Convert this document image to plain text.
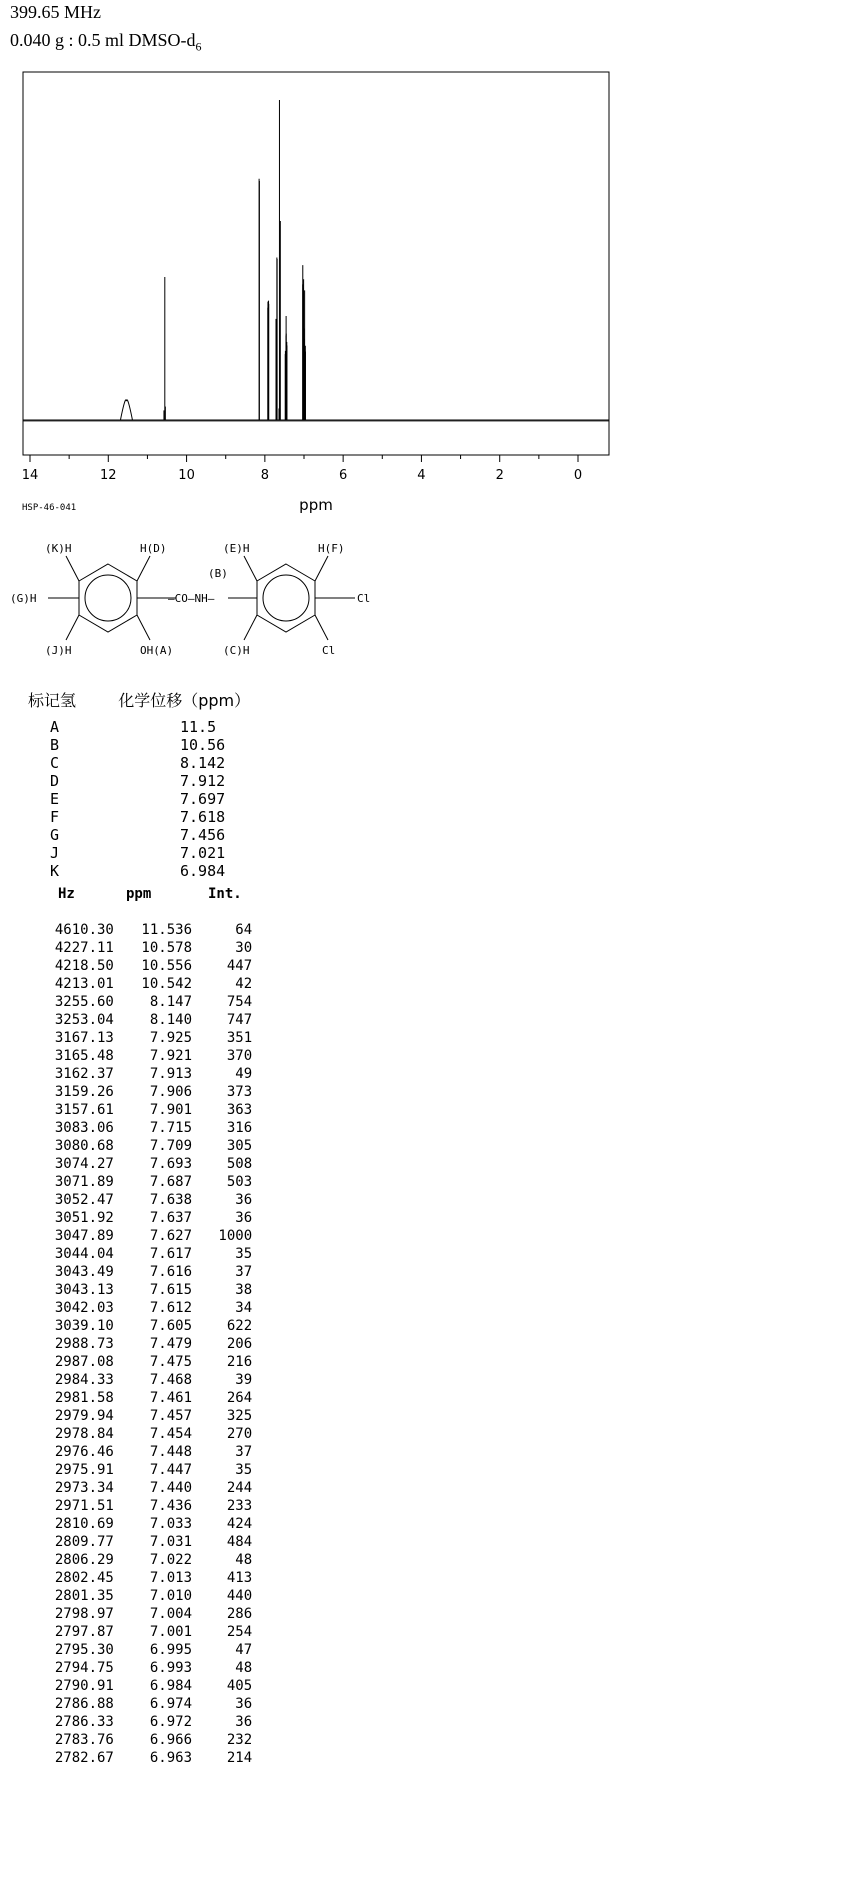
399.65 MHz
0.040 g : 0.5 ml DMSO-$d_6$
14	12	10	8	6	4	2	0
ppm
HSP-46-041
(K)H	H(D)	(E)H	H(F)
(G)H
(B)
—CO—NH—	Cl
(J)H	OH(A)	(C)H	Cl
标记氢	化学位移（ppm）
A	11.5
B	10.56
C	8.142
D	7.912
E	7.697
F	7.618
G	7.456
J	7.021
K	6.984
Hz	ppm	Int.
4610.30 11.536 64
4227.11 10.578 30
4218.50 10.556 447
4213.01 10.542 42
3255.60 8.147 754
3253.04 8.140 747
3167.13 7.925 351
3165.48 7.921 370
3162.37 7.913 49
3159.26 7.906 373
3157.61 7.901 363
3083.06 7.715 316
3080.68 7.709 305
3074.27 7.693 508
3071.89 7.687 503
3052.47 7.638 36
3051.92 7.637 36
3047.89 7.627 1000
3044.04 7.617 35
3043.49 7.616 37
3043.13 7.615 38
3042.03 7.612 34
3039.10 7.605 622
2988.73 7.479 206
2987.08 7.475 216
2984.33 7.468 39
2981.58 7.461 264
2979.94 7.457 325
2978.84 7.454 270
2976.46 7.448 37
2975.91 7.447 35
2973.34 7.440 244
2971.51 7.436 233
2810.69 7.033 424
2809.77 7.031 484
2806.29 7.022 48
2802.45 7.013 413
2801.35 7.010 440
2798.97 7.004 286
2797.87 7.001 254
2795.30 6.995 47
2794.75 6.993 48
2790.91 6.984 405
2786.88 6.974 36
2786.33 6.972 36
2783.76 6.966 232
2782.67 6.963 214
